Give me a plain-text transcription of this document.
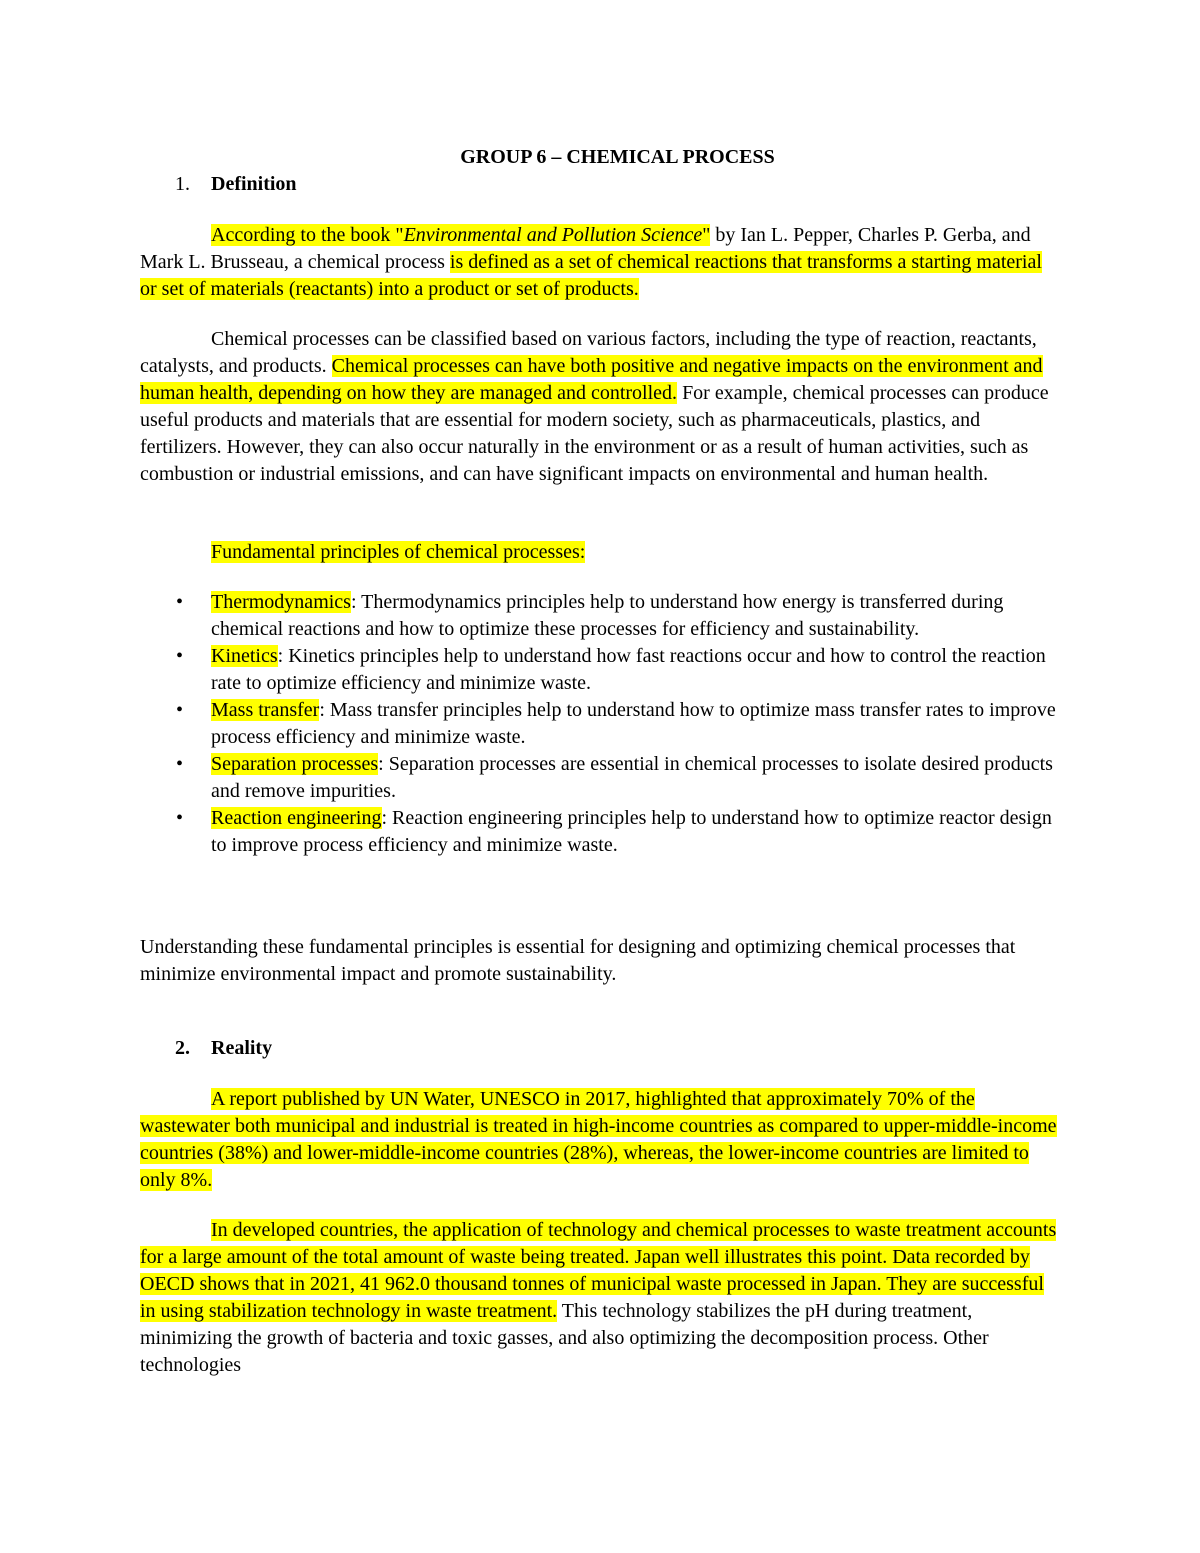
GROUP 6 – CHEMICAL PROCESS
1. Definition

According to the book "Environmental and Pollution Science" by Ian L. Pepper, Charles P. Gerba, and Mark L. Brusseau, a chemical process is defined as a set of chemical reactions that transforms a starting material or set of materials (reactants) into a product or set of products.

Chemical processes can be classified based on various factors, including the type of reaction, reactants, catalysts, and products. Chemical processes can have both positive and negative impacts on the environment and human health, depending on how they are managed and controlled. For example, chemical processes can produce useful products and materials that are essential for modern society, such as pharmaceuticals, plastics, and fertilizers. However, they can also occur naturally in the environment or as a result of human activities, such as combustion or industrial emissions, and can have significant impacts on environmental and human health.

Fundamental principles of chemical processes:

• Thermodynamics: Thermodynamics principles help to understand how energy is transferred during chemical reactions and how to optimize these processes for efficiency and sustainability.
• Kinetics: Kinetics principles help to understand how fast reactions occur and how to control the reaction rate to optimize efficiency and minimize waste.
• Mass transfer: Mass transfer principles help to understand how to optimize mass transfer rates to improve process efficiency and minimize waste.
• Separation processes: Separation processes are essential in chemical processes to isolate desired products and remove impurities.
• Reaction engineering: Reaction engineering principles help to understand how to optimize reactor design to improve process efficiency and minimize waste.

Understanding these fundamental principles is essential for designing and optimizing chemical processes that minimize environmental impact and promote sustainability.

2. Reality

A report published by UN Water, UNESCO in 2017, highlighted that approximately 70% of the wastewater both municipal and industrial is treated in high-income countries as compared to upper-middle-income countries (38%) and lower-middle-income countries (28%), whereas, the lower-income countries are limited to only 8%.

In developed countries, the application of technology and chemical processes to waste treatment accounts for a large amount of the total amount of waste being treated. Japan well illustrates this point. Data recorded by OECD shows that in 2021, 41 962.0 thousand tonnes of municipal waste processed in Japan. They are successful in using stabilization technology in waste treatment. This technology stabilizes the pH during treatment, minimizing the growth of bacteria and toxic gasses, and also optimizing the decomposition process. Other technologies
